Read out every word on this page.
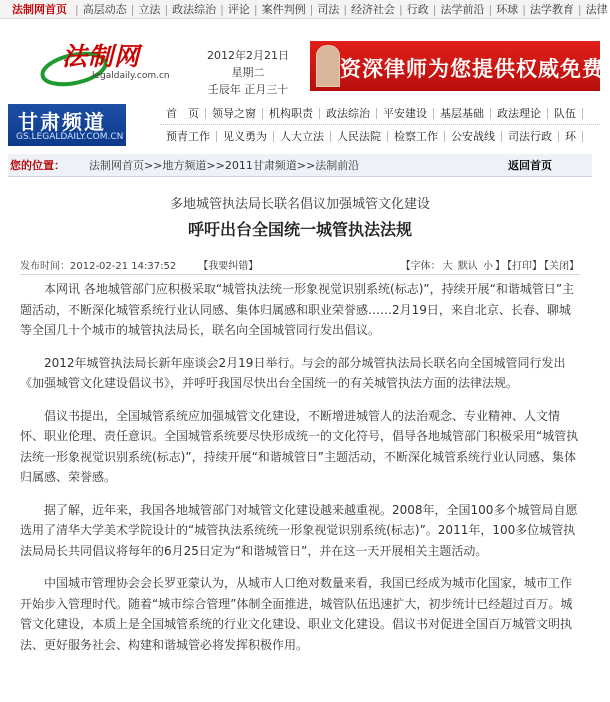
法制网首页 | 高层动态 | 立法 | 政法综治 | 评论 | 案件判例 | 司法 | 经济社会 | 行政 | 法学前沿 | 环球 | 法学教育 | 法律
法制网
legaldaily.com.cn
2012年2月21日
星期二
壬辰年 正月三十
资深律师为您提供权威免费
甘肃频道
GS.LEGALDAILY.COM.CN
首　页	领导之窗	机构职责	政法综治	平安建设	基层基础	政法理论	队伍
预青工作	见义勇为	人大立法	人民法院	检察工作	公安战线	司法行政	环
您的位置： 法制网首页>>地方频道>>2011甘肃频道>>法制前沿	返回首页
多地城管执法局长联名倡议加强城管文化建设
呼吁出台全国统一城管执法法规
发布时间：2012-02-21 14:37:52 【我要纠错】	【字体： 大 默认 小 】 【打印】 【关闭】

本网讯 各地城管部门应积极采取“城管执法统一形象视觉识别系统(标志)”，持续开展“和谐城管日”主题活动，不断深化城管系统行业认同感、集体归属感和职业荣誉感……2月19日，来自北京、长春、聊城等全国几十个城市的城管执法局长，联名向全国城管同行发出倡议。

2012年城管执法局长新年座谈会2月19日举行。与会的部分城管执法局长联名向全国城管同行发出《加强城管文化建设倡议书》，并呼吁我国尽快出台全国统一的有关城管执法方面的法律法规。

倡议书提出，全国城管系统应加强城管文化建设，不断增进城管人的法治观念、专业精神、人文情怀、职业伦理、责任意识。全国城管系统要尽快形成统一的文化符号，倡导各地城管部门积极采用“城管执法统一形象视觉识别系统(标志)”，持续开展“和谐城管日”主题活动，不断深化城管系统行业认同感、集体归属感、荣誉感。

据了解，近年来，我国各地城管部门对城管文化建设越来越重视。2008年，全国100多个城管局自愿选用了清华大学美术学院设计的“城管执法系统统一形象视觉识别系统(标志)”。2011年，100多位城管执法局局长共同倡议将每年的6月25日定为“和谐城管日”，并在这一天开展相关主题活动。

中国城市管理协会会长罗亚蒙认为，从城市人口绝对数量来看，我国已经成为城市化国家，城市工作开始步入管理时代。随着“城市综合管理”体制全面推进，城管队伍迅速扩大，初步统计已经超过百万。城管文化建设，本质上是全国城管系统的行业文化建设、职业文化建设。倡议书对促进全国百万城管文明执法、更好服务社会、构建和谐城管必将发挥积极作用。
